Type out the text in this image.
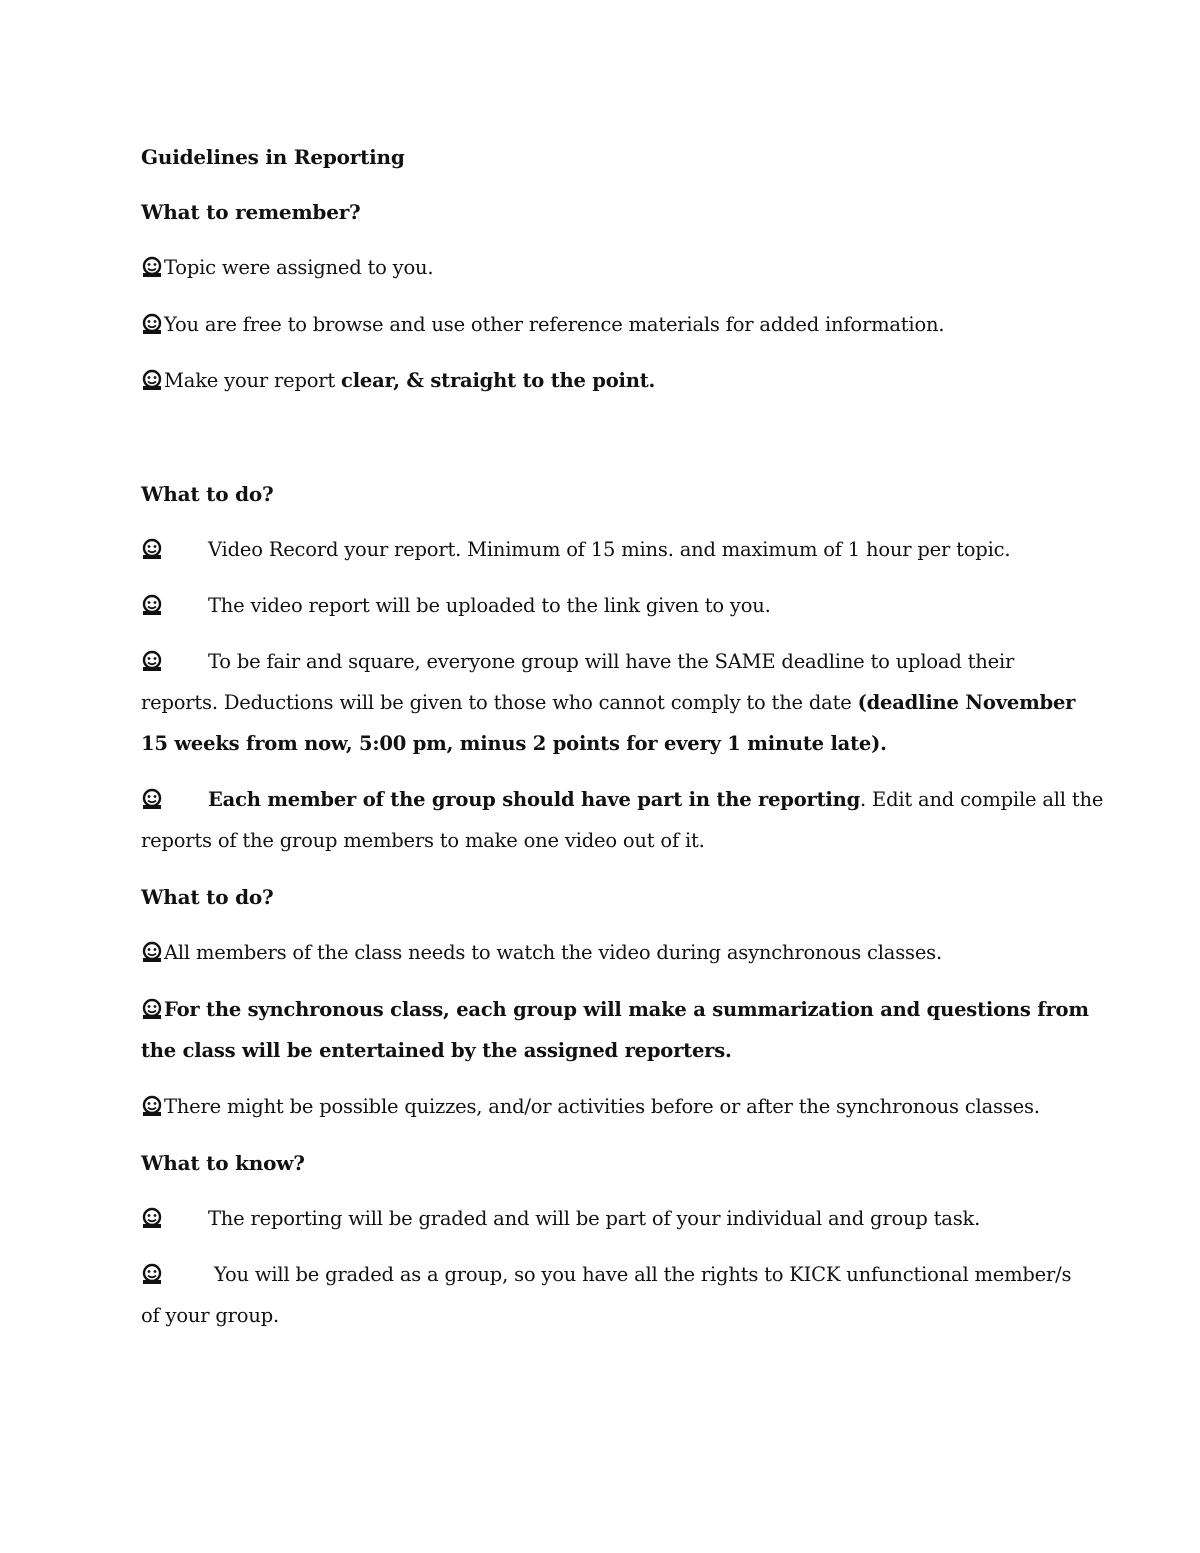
Guidelines in Reporting
What to remember?
Topic were assigned to you.
You are free to browse and use other reference materials for added information.
Make your report clear, & straight to the point.
What to do?
Video Record your report. Minimum of 15 mins. and maximum of 1 hour per topic.
The video report will be uploaded to the link given to you.
To be fair and square, everyone group will have the SAME deadline to upload their
reports. Deductions will be given to those who cannot comply to the date (deadline November
15 weeks from now, 5:00 pm, minus 2 points for every 1 minute late).
Each member of the group should have part in the reporting. Edit and compile all the
reports of the group members to make one video out of it.
What to do?
All members of the class needs to watch the video during asynchronous classes.
For the synchronous class, each group will make a summarization and questions from
the class will be entertained by the assigned reporters.
There might be possible quizzes, and/or activities before or after the synchronous classes.
What to know?
The reporting will be graded and will be part of your individual and group task.
You will be graded as a group, so you have all the rights to KICK unfunctional member/s
of your group.
